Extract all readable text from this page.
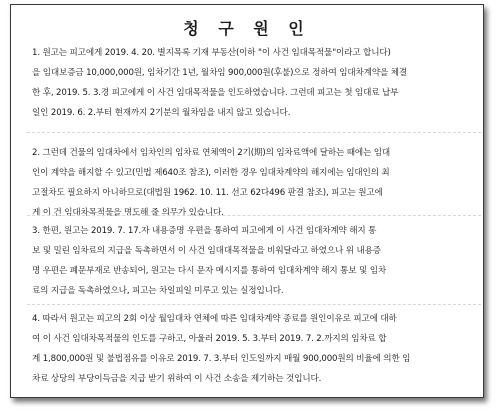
청 구 원 인
1. 원고는 피고에게 2019. 4. 20. 별지목록 기재 부동산(이하 "이 사건 임대목적물"이라고 합니다)
을 임대보증금 10,000,000원, 임차기간 1년, 월차임 900,000원(후불)으로 정하여 임대차계약을 체결
한 후, 2019. 5. 3.경 피고에게 이 사건 임대목적물을 인도하였습니다. 그런데 피고는 첫 임대료 납부
일인 2019. 6. 2.부터 현재까지 2기분의 월차임을 내지 않고 있습니다.
2. 그런데 건물의 임대차에서 임차인의 임차료 연체액이 2기(期)의 임차료액에 달하는 때에는 임대
인이 계약을 해지할 수 있고(민법 제640조 참조), 이러한 경우 임대차계약의 해지에는 임대인의 최
고절차도 필요하지 아니하므로(대법원 1962. 10. 11. 선고 62다496 판결 참조), 피고는 원고에
게 이 건 임대차목적물을 명도해 줄 의무가 있습니다.
3. 한편, 원고는 2019. 7. 17.자 내용증명 우편을 통하여 피고에게 이 사건 임대차계약 해지 통
보 및 밀린 임차료의 지급을 독촉하면서 이 사건 임대대목적물을 비워달라고 하였으나 위 내용증
명 우편은 폐문부재로 반송되어, 원고는 다시 문자 메시지를 통하여 임대차계약 해지 통보 및 임차
료의 지급을 독촉하였으나, 피고는 차일피일 미루고 있는 실정입니다.
4. 따라서 원고는 피고의 2회 이상 월임대차 연체에 따른 임대차계약 종료를 원인이유로 피고에 대하
여 이 사건 임대차목적물의 인도를 구하고, 아울러 2019. 5. 3.부터 2019. 7. 2.까지의 임차료 합
계 1,800,000원 및 불법점유를 이유로 2019. 7. 3.부터 인도일까지 매월 900,000원의 비율에 의한 임
차료 상당의 부당이득금을 지급 받기 위하여 이 사건 소송을 제기하는 것입니다.
